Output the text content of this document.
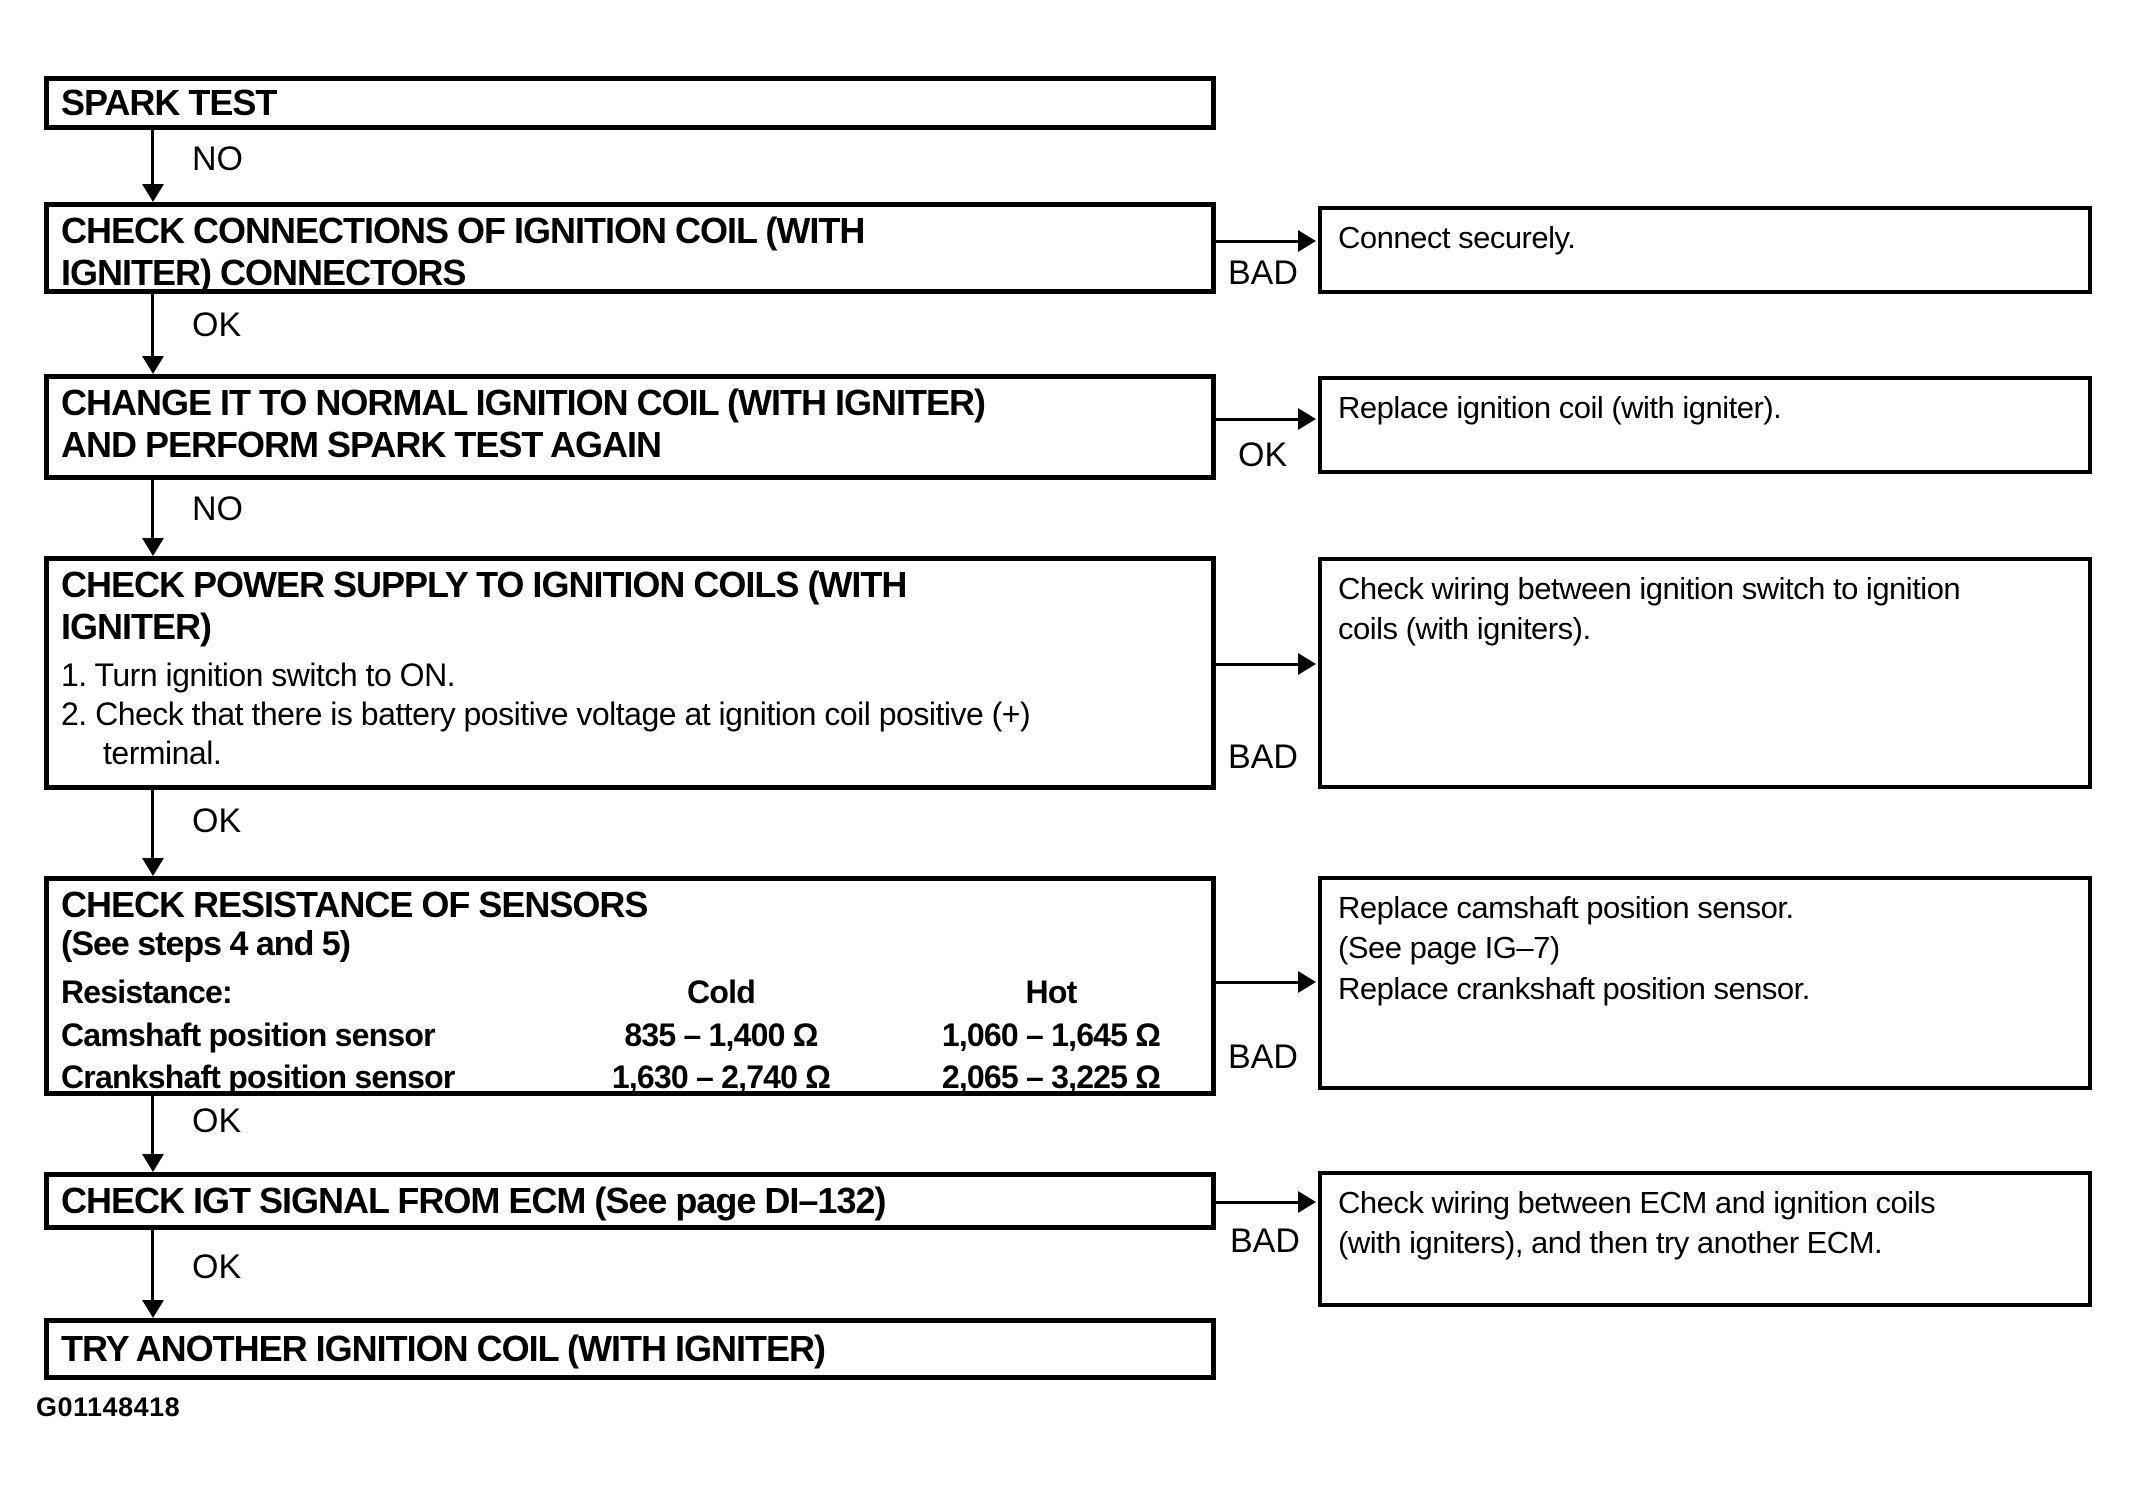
SPARK TEST
CHECK CONNECTIONS OF IGNITION COIL (WITH
IGNITER) CONNECTORS
CHANGE IT TO NORMAL IGNITION COIL (WITH IGNITER)
AND PERFORM SPARK TEST AGAIN
CHECK POWER SUPPLY TO IGNITION COILS (WITH
IGNITER)
1. Turn ignition switch to ON.
2. Check that there is battery positive voltage at ignition coil positive (+) terminal.
CHECK RESISTANCE OF SENSORS
(See steps 4 and 5)
Resistance:	Cold	Hot
Camshaft position sensor	835 – 1,400 Ω	1,060 – 1,645 Ω
Crankshaft position sensor	1,630 – 2,740 Ω	2,065 – 3,225 Ω
CHECK IGT SIGNAL FROM ECM (See page DI–132)
TRY ANOTHER IGNITION COIL (WITH IGNITER)
Connect securely.
Replace ignition coil (with igniter).
Check wiring between ignition switch to ignition coils (with igniters).
Replace camshaft position sensor.
(See page IG–7)
Replace crankshaft position sensor.
Check wiring between ECM and ignition coils (with igniters), and then try another ECM.
NO
OK
NO
OK
OK
OK
BAD
OK
BAD
BAD
BAD
G01148418
